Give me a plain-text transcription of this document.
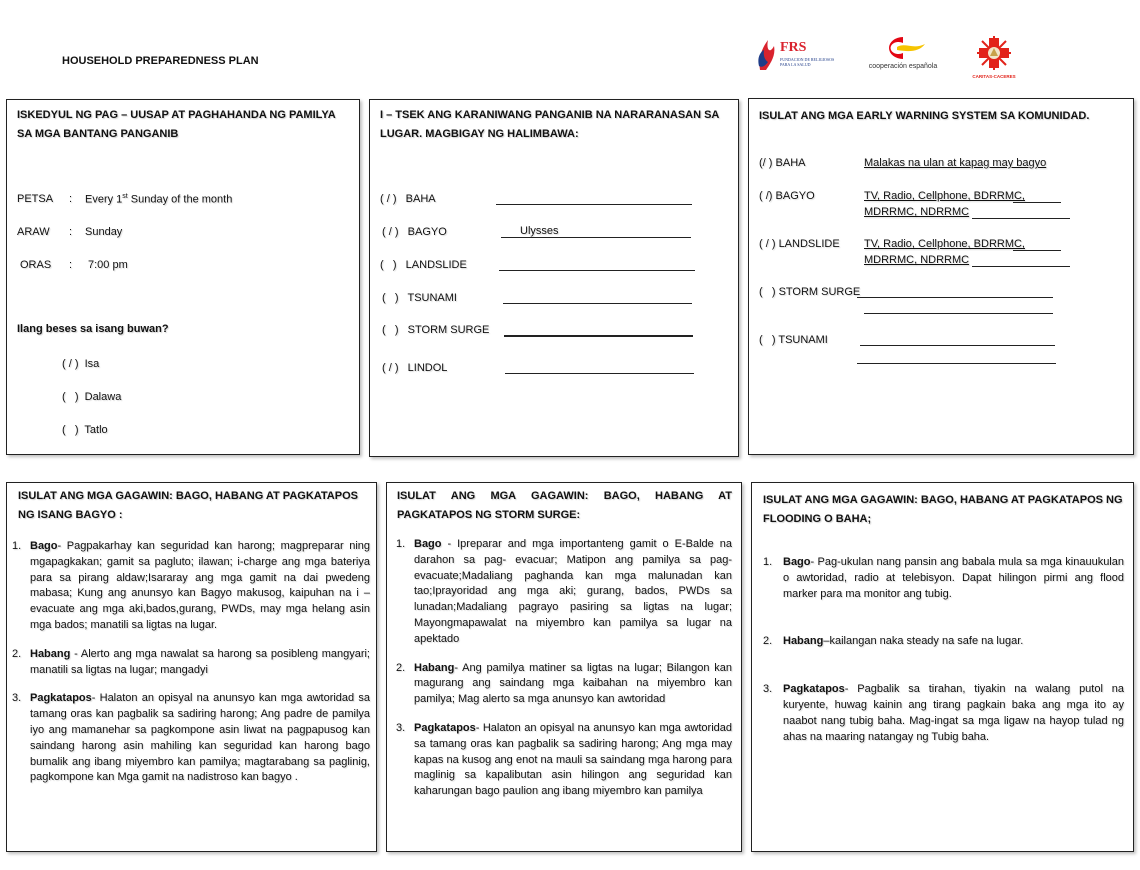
HOUSEHOLD PREPAREDNESS PLAN
FRS
FUNDACION DE RELIGIOSOS PARA LA SALUD	cooperación española
CARITAS-CACERES
ISKEDYUL NG PAG – UUSAP AT PAGHAHANDA NG PAMILYA SA MGA BANTANG PANGANIB
PETSA : Every 1st Sunday of the month
ARAW : Sunday
ORAS : 7:00 pm
Ilang beses sa isang buwan?
( / ) Isa
(   ) Dalawa
(   ) Tatlo
I – TSEK ANG KARANIWANG PANGANIB NA NARARANASAN SA LUGAR. MAGBIGAY NG HALIMBAWA:
( / ) BAHA
( / ) BAGYO	Ulysses
(   ) LANDSLIDE
(   ) TSUNAMI
(   ) STORM SURGE
( / ) LINDOL
ISULAT ANG MGA EARLY WARNING SYSTEM SA KOMUNIDAD.
(/ ) BAHA	Malakas na ulan at kapag may bagyo
( /) BAGYO	TV, Radio, Cellphone, BDRRMC,
MDRRMC, NDRRMC
( / ) LANDSLIDE TV, Radio, Cellphone, BDRRMC,
MDRRMC, NDRRMC
(   ) STORM SURGE
(   ) TSUNAMI
ISULAT ANG MGA GAGAWIN: BAGO, HABANG AT PAGKATAPOS NG ISANG BAGYO :
1. Bago- Pagpakarhay kan seguridad kan harong; magpreparar ning mgapagkakan; gamit sa pagluto; ilawan; i-charge ang mga bateriya para sa pirang aldaw;Isararay ang mga gamit na dai pwedeng mabasa; Kung ang anunsyo kan Bagyo makusog, kaipuhan na i – evacuate ang mga aki,bados,gurang, PWDs, may mga helang asin mga bados; manatili sa ligtas na lugar.
2. Habang - Alerto ang mga nawalat sa harong sa posibleng mangyari; manatili sa ligtas na lugar; mangadyi
3. Pagkatapos- Halaton an opisyal na anunsyo kan mga awtoridad sa tamang oras kan pagbalik sa sadiring harong; Ang padre de pamilya iyo ang mamanehar sa pagkompone asin liwat na pagpapusog kan saindang harong asin mahiling kan seguridad kan harong bago bumalik ang ibang miyembro kan pamilya; magtarabang sa paglinig, pagkompone kan Mga gamit na nadistroso kan bagyo .
ISULAT ANG MGA GAGAWIN: BAGO, HABANG AT PAGKATAPOS NG STORM SURGE:
1. Bago - Ipreparar and mga importanteng gamit o E-Balde na darahon sa pag- evacuar; Matipon ang pamilya sa pag-evacuate;Madaliang paghanda kan mga malunadan kan tao;Iprayoridad ang mga aki; gurang, bados, PWDs sa lunadan;Madaliang pagrayo pasiring sa ligtas na lugar; Mayongmapawalat na miyembro kan pamilya sa lugar na apektado
2. Habang- Ang pamilya matiner sa ligtas na lugar; Bilangon kan magurang ang saindang mga kaibahan na miyembro kan pamilya; Mag alerto sa mga anunsyo kan awtoridad
3. Pagkatapos- Halaton an opisyal na anunsyo kan mga awtoridad sa tamang oras kan pagbalik sa sadiring harong; Ang mga may kapas na kusog ang enot na mauli sa saindang mga harong para maglinig sa kapalibutan asin hilingon ang seguridad kan kaharungan bago paulion ang ibang miyembro kan pamilya
ISULAT ANG MGA GAGAWIN: BAGO, HABANG AT PAGKATAPOS NG FLOODING O BAHA;
1. Bago- Pag-ukulan nang pansin ang babala mula sa mga kinauukulan o awtoridad, radio at telebisyon. Dapat hilingon pirmi ang flood marker para ma monitor ang tubig.
2. Habang–kailangan naka steady na safe na lugar.
3. Pagkatapos- Pagbalik sa tirahan, tiyakin na walang putol na kuryente, huwag kainin ang tirang pagkain baka ang mga ito ay naabot nang tubig baha. Mag-ingat sa mga ligaw na hayop tulad ng ahas na maaring natangay ng Tubig baha.
